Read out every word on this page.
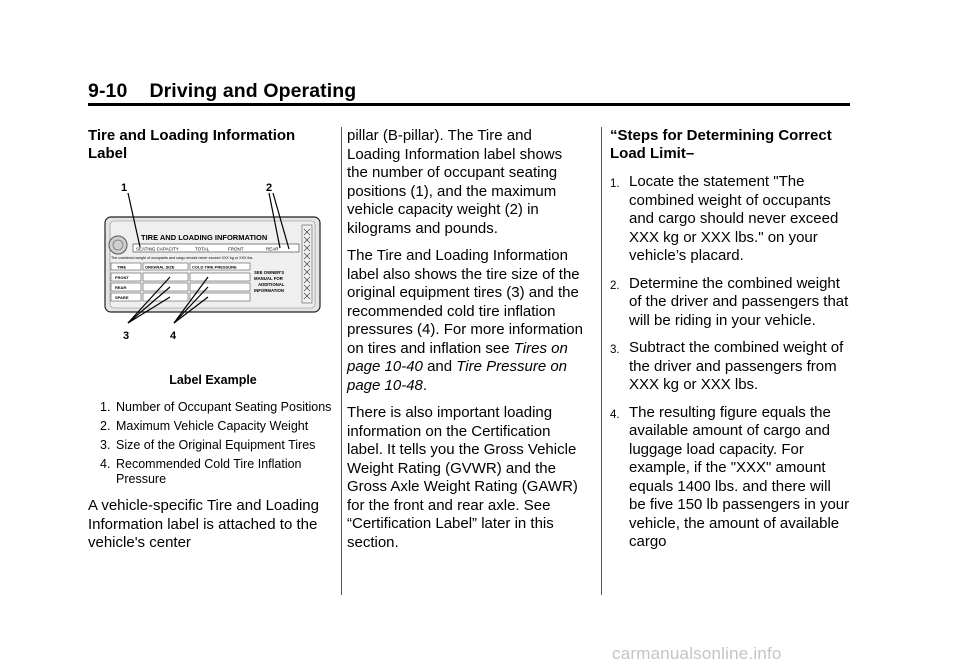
9-10 Driving and Operating

Tire and Loading Information Label

TIRE AND LOADING INFORMATION
SEATING CAPACITY	TOTAL	FRONT	REAR
The combined weight of occupants and cargo should never exceed XXX kg or XXX lbs.
TIRE	ORIGINAL SIZE	COLD TIRE PRESSURE
FRONT
REAR
SPARE
SEE OWNER'S
MANUAL FOR
ADDITIONAL
INFORMATION
1	2
3	4
Label Example
1. Number of Occupant Seating Positions
2. Maximum Vehicle Capacity Weight
3. Size of the Original Equipment Tires
4. Recommended Cold Tire Inflation Pressure

A vehicle-specific Tire and Loading Information label is attached to the vehicle's center

pillar (B-pillar). The Tire and Loading Information label shows the number of occupant seating positions (1), and the maximum vehicle capacity weight (2) in kilograms and pounds.

The Tire and Loading Information label also shows the tire size of the original equipment tires (3) and the recommended cold tire inflation pressures (4). For more information on tires and inflation see Tires on page 10-40 and Tire Pressure on page 10-48.

There is also important loading information on the Certification label. It tells you the Gross Vehicle Weight Rating (GVWR) and the Gross Axle Weight Rating (GAWR) for the front and rear axle. See “Certification Label” later in this section.

“Steps for Determining Correct Load Limit–

1. Locate the statement "The combined weight of occupants and cargo should never exceed XXX kg or XXX lbs." on your vehicle’s placard.
2. Determine the combined weight of the driver and passengers that will be riding in your vehicle.
3. Subtract the combined weight of the driver and passengers from XXX kg or XXX lbs.
4. The resulting figure equals the available amount of cargo and luggage load capacity. For example, if the "XXX" amount equals 1400 lbs. and there will be five 150 lb passengers in your vehicle, the amount of available cargo
carmanualsonline.info
